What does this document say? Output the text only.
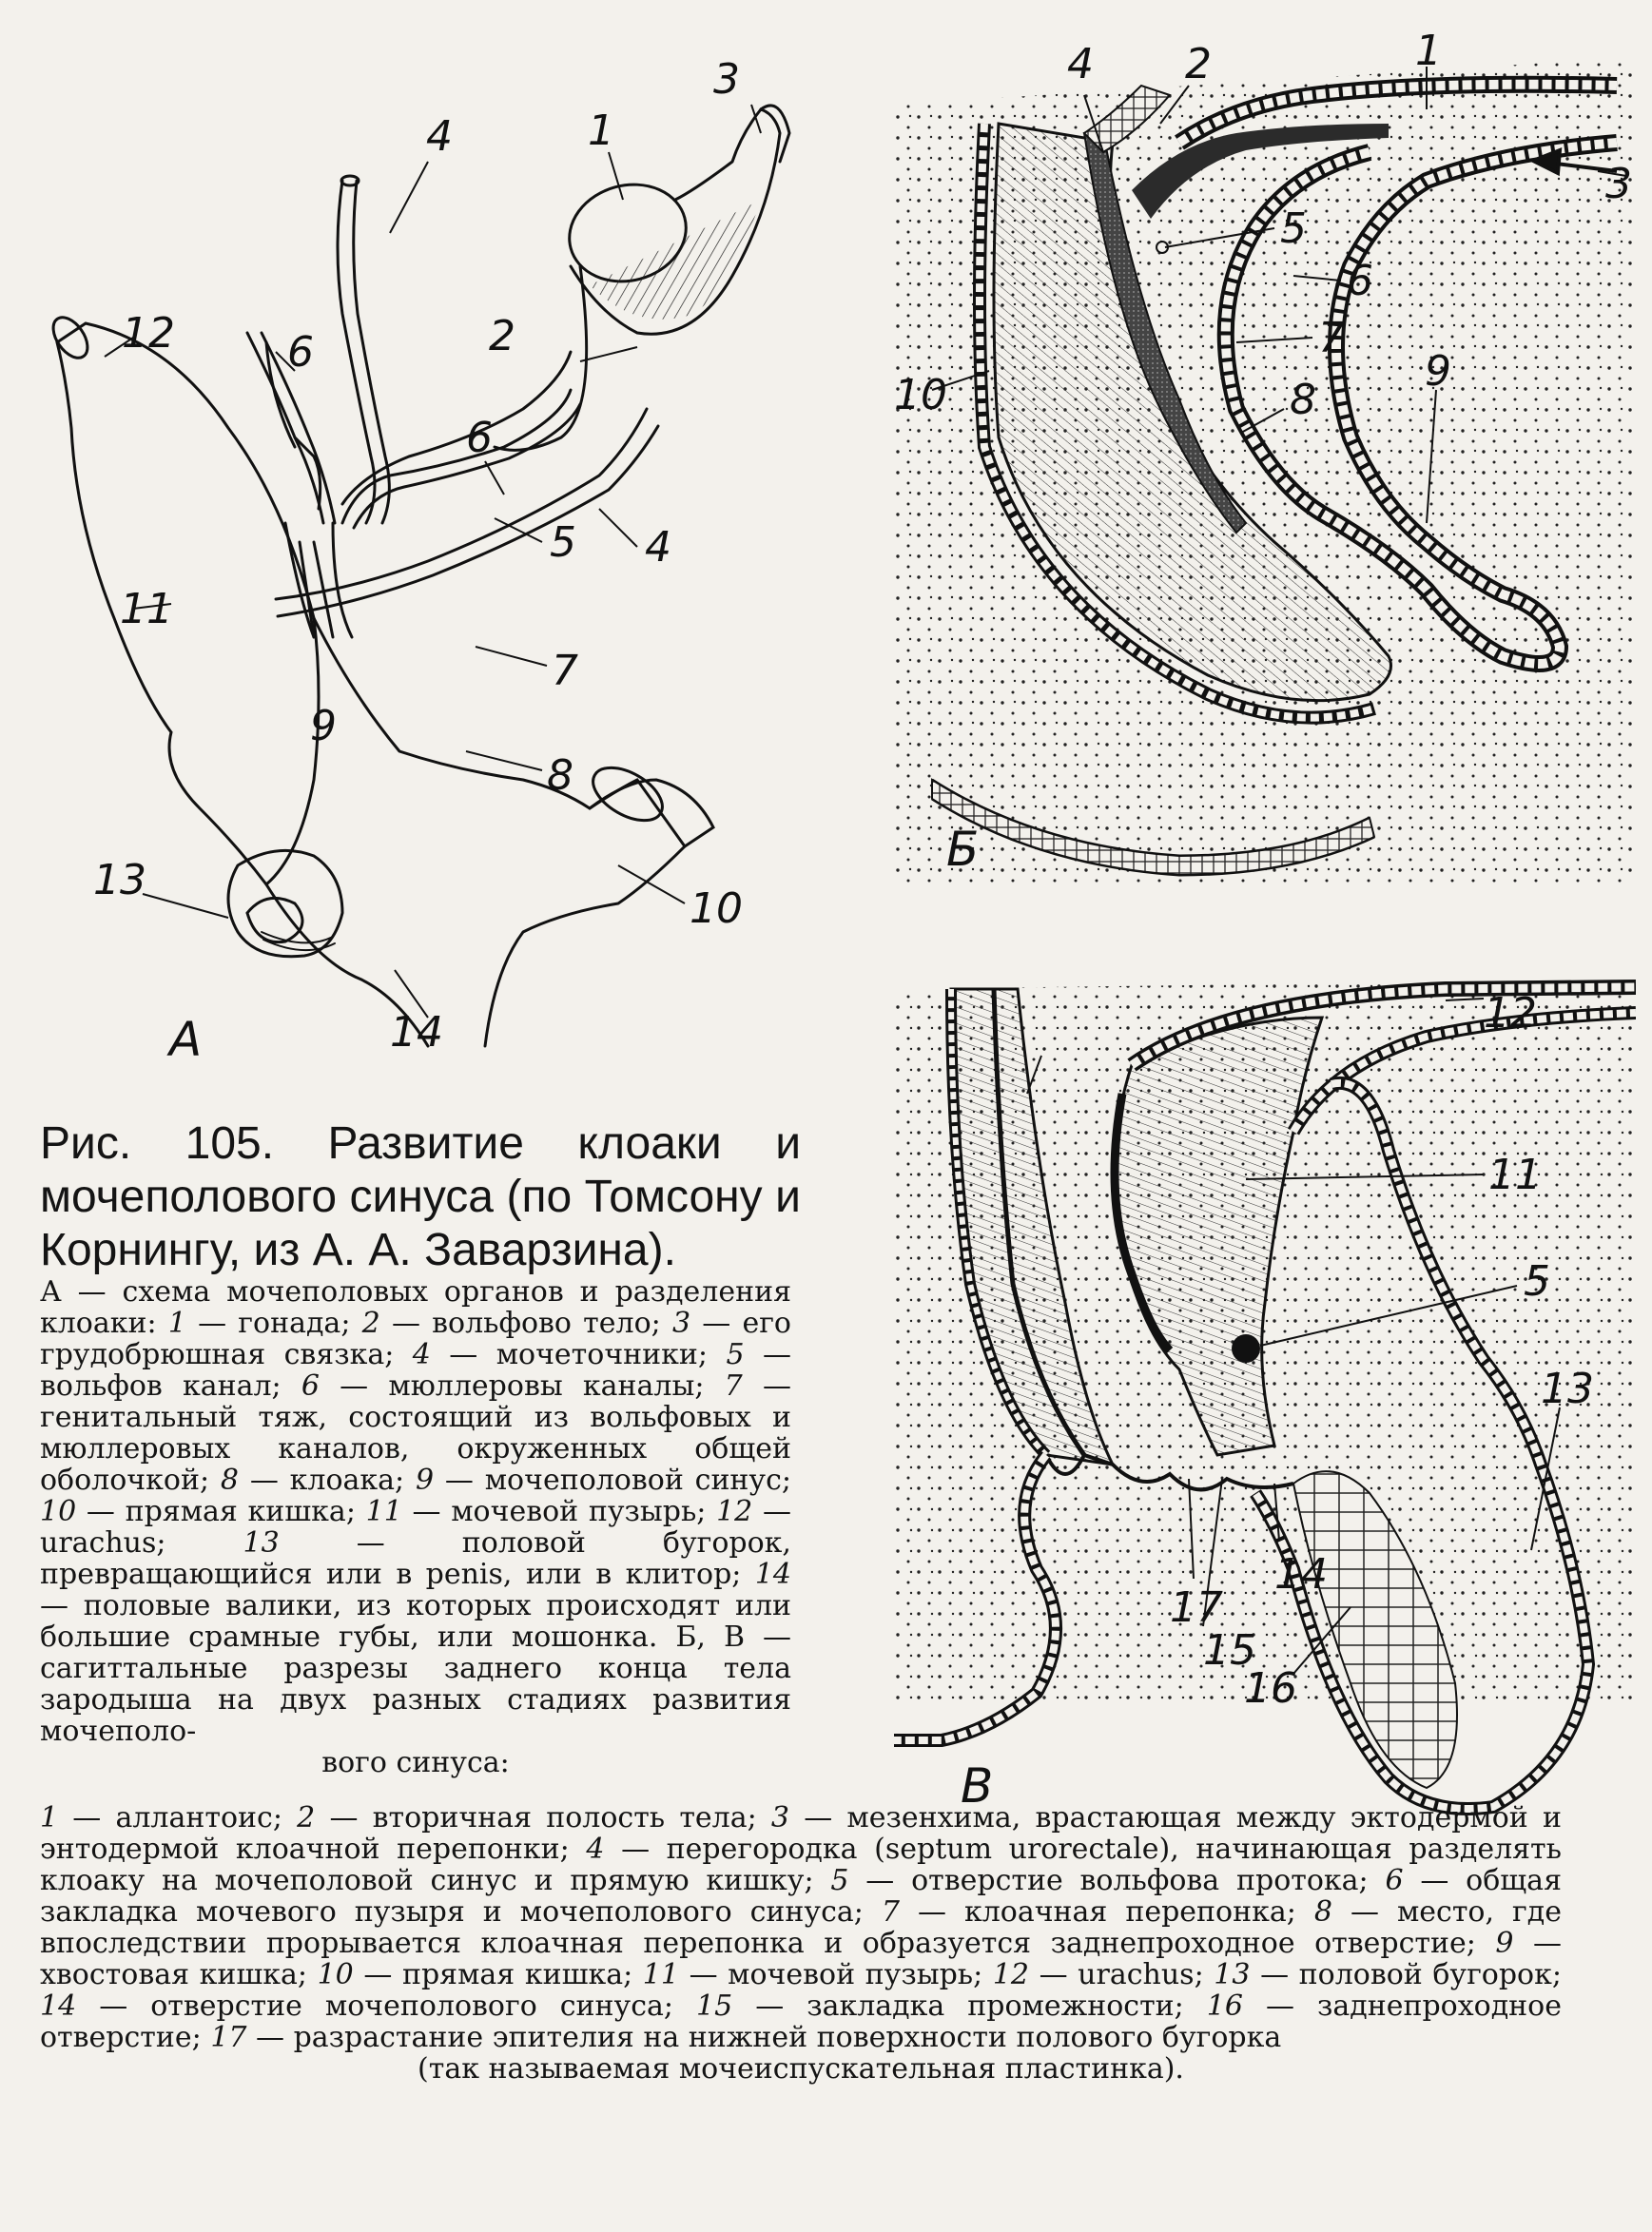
1
2
3
4
4
5
6
6
7
8
9
10
11
12
13
14
А
1
2
3
4
5
6
7
8
9
10
Б
12
11
5
13
17
14
15
16
В
Рис. 105. Развитие клоаки и мочеполового синуса (по Томсону и Корнингу, из А. А. Заварзина).

А — схема мочеполовых органов и разделения клоаки: 1 — гонада; 2 — вольфово тело; 3 — его грудобрюшная связка; 4 — мочеточники; 5 — вольфов канал; 6 — мюллеровы каналы; 7 — генитальный тяж, состоящий из вольфовых и мюллеровых каналов, окруженных общей оболочкой; 8 — клоака; 9 — мочеполовой синус; 10 — прямая кишка; 11 — мочевой пузырь; 12 — urachus;	13	— половой бугорок, превращающийся или в penis, или в клитор; 14 — половые валики, из которых происходят или большие срамные губы, или мошонка. Б, В — сагиттальные разрезы заднего конца тела зародыша на двух разных стадиях развития мочеполо-
вого синуса:

1 — аллантоис; 2 — вторичная полость тела; 3 — мезенхима, врастающая между эктодермой и энтодермой клоачной перепонки; 4 — перегородка (septum urorectale), начинающая разделять клоаку на мочеполовой синус и прямую кишку; 5 — отверстие вольфова протока; 6 — общая закладка мочевого пузыря и мочеполового синуса; 7 — клоачная перепонка; 8 — место, где впоследствии прорывается клоачная перепонка и образуется заднепроходное отверстие; 9 — хвостовая кишка; 10 — прямая кишка; 11 — мочевой пузырь; 12 — urachus; 13 — половой бугорок; 14 — отверстие мочеполового синуса; 15 — закладка промежности; 16 — заднепроходное отверстие; 17 — разрастание эпителия на нижней поверхности полового бугорка
(так называемая мочеиспускательная пластинка).
